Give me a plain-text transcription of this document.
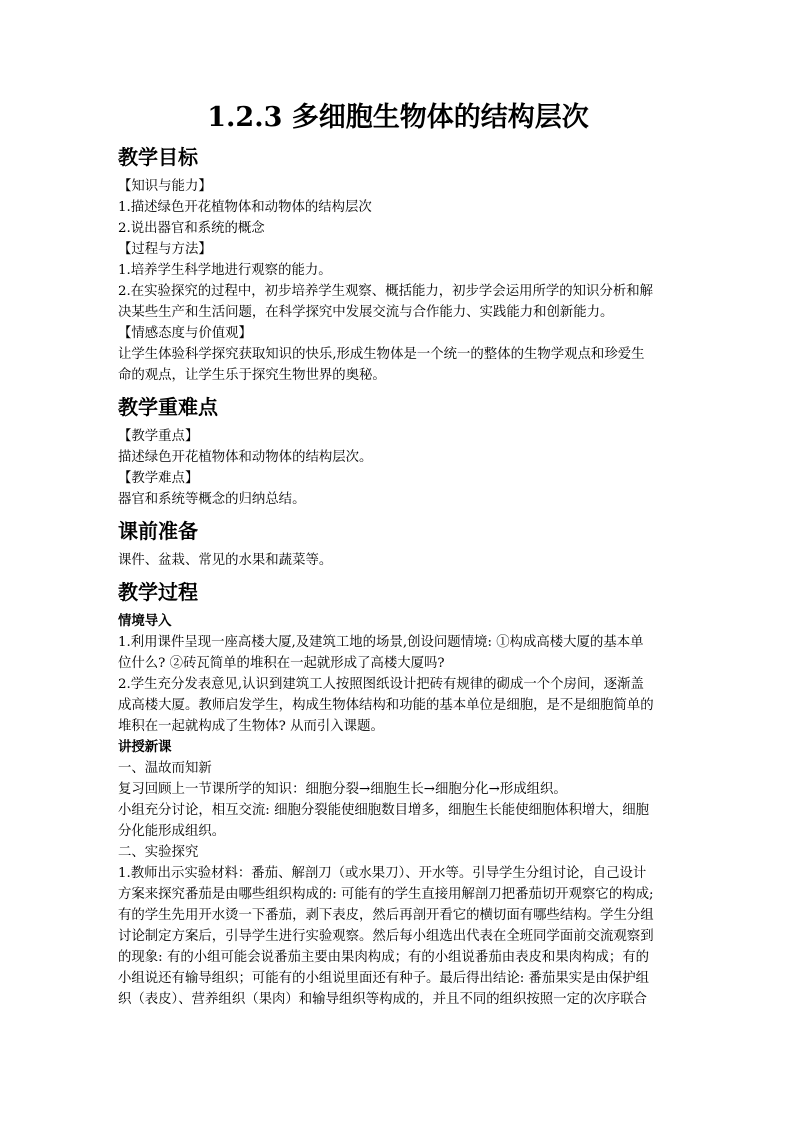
1.2.3 多细胞生物体的结构层次
教学目标
【知识与能力】
1.描述绿色开花植物体和动物体的结构层次
2.说出器官和系统的概念
【过程与方法】
1.培养学生科学地进行观察的能力。
2.在实验探究的过程中，初步培养学生观察、概括能力，初步学会运用所学的知识分析和解
决某些生产和生活问题，在科学探究中发展交流与合作能力、实践能力和创新能力。
【情感态度与价值观】
让学生体验科学探究获取知识的快乐,形成生物体是一个统一的整体的生物学观点和珍爱生
命的观点，让学生乐于探究生物世界的奥秘。
教学重难点
【教学重点】
描述绿色开花植物体和动物体的结构层次。
【教学难点】
器官和系统等概念的归纳总结。
课前准备
课件、盆栽、常见的水果和蔬菜等。
教学过程
情境导入
1.利用课件呈现一座高楼大厦,及建筑工地的场景,创设问题情境: ①构成高楼大厦的基本单
位什么? ②砖瓦简单的堆积在一起就形成了高楼大厦吗?
2.学生充分发表意见,认识到建筑工人按照图纸设计把砖有规律的砌成一个个房间，逐渐盖
成高楼大厦。教师启发学生，构成生物体结构和功能的基本单位是细胞，是不是细胞简单的
堆积在一起就构成了生物体? 从而引入课题。
讲授新课
一、温故而知新
复习回顾上一节课所学的知识：细胞分裂→细胞生长→细胞分化→形成组织。
小组充分讨论，相互交流: 细胞分裂能使细胞数目增多，细胞生长能使细胞体积增大，细胞
分化能形成组织。
二、实验探究
1.教师出示实验材料：番茄、解剖刀（或水果刀）、开水等。引导学生分组讨论，自己设计
方案来探究番茄是由哪些组织构成的: 可能有的学生直接用解剖刀把番茄切开观察它的构成;
有的学生先用开水烫一下番茄，剥下表皮，然后再剖开看它的横切面有哪些结构。学生分组
讨论制定方案后，引导学生进行实验观察。然后每小组选出代表在全班同学面前交流观察到
的现象: 有的小组可能会说番茄主要由果肉构成；有的小组说番茄由表皮和果肉构成；有的
小组说还有输导组织；可能有的小组说里面还有种子。最后得出结论: 番茄果实是由保护组
织（表皮）、营养组织（果肉）和输导组织等构成的，并且不同的组织按照一定的次序联合
